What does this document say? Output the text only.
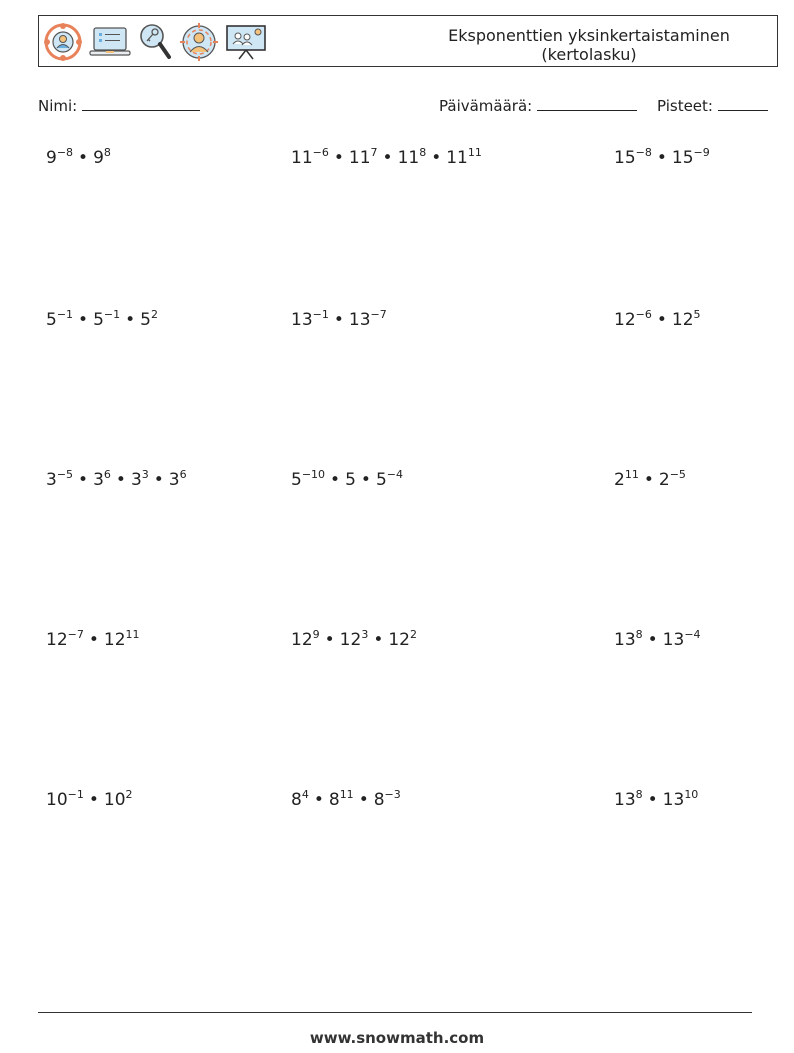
Eksponenttien yksinkertaistaminen
(kertolasku)
Nimi:	Päivämäärä:	Pisteet:
$9^{-8}$ • $9^8$	$11^{-6}$ • $11^7$ • $11^8$ • $11^{11}$	$15^{-8}$ • $15^{-9}$
$5^{-1}$ • $5^{-1}$ • $5^2$	$13^{-1}$ • $13^{-7}$	$12^{-6}$ • $12^5$
$3^{-5}$ • $3^6$ • $3^3$ • $3^6$	$5^{-10}$ • 5 • $5^{-4}$	$2^{11}$ • $2^{-5}$
$12^{-7}$ • $12^{11}$	$12^9$ • $12^3$ • $12^2$	$13^8$ • $13^{-4}$
$10^{-1}$ • $10^2$	$8^4$ • $8^{11}$ • $8^{-3}$	$13^8$ • $13^{10}$
www.snowmath.com
